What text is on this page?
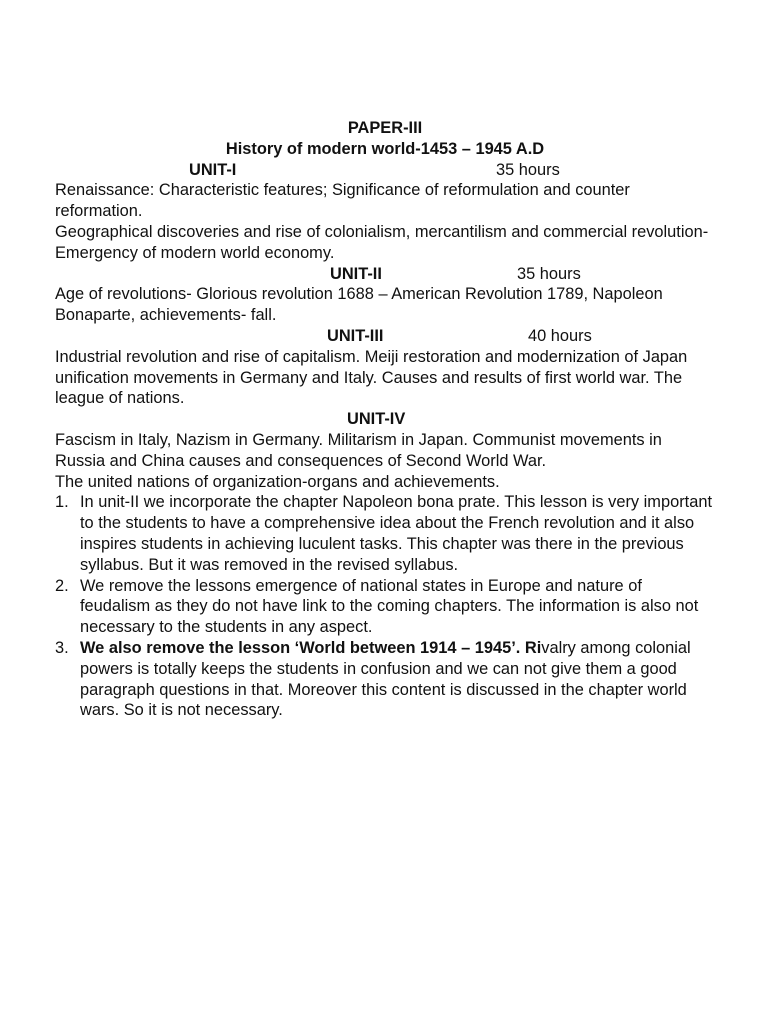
PAPER-III
History of modern world-1453 – 1945 A.D
UNIT-I	35 hours

Renaissance: Characteristic features; Significance of reformulation and counter reformation.

Geographical discoveries and rise of colonialism, mercantilism and commercial revolution- Emergency of modern world economy.

UNIT-II	35 hours

Age of revolutions- Glorious revolution 1688 – American Revolution 1789, Napoleon Bonaparte, achievements- fall.

UNIT-III	40 hours

Industrial revolution and rise of capitalism. Meiji restoration and modernization of Japan unification movements in Germany and Italy. Causes and results of first world war. The league of nations.

UNIT-IV

Fascism in Italy, Nazism in Germany. Militarism in Japan. Communist movements in Russia and China causes and consequences of Second World War.

The united nations of organization-organs and achievements.

1. In unit-II we incorporate the chapter Napoleon bona prate. This lesson is very important to the students to have a comprehensive idea about the French revolution and it also inspires students in achieving luculent tasks. This chapter was there in the previous syllabus. But it was removed in the revised syllabus.
2. We remove the lessons emergence of national states in Europe and nature of feudalism as they do not have link to the coming chapters. The information is also not necessary to the students in any aspect.
3. We also remove the lesson ‘World between 1914 – 1945’. Rivalry among colonial powers is totally keeps the students in confusion and we can not give them a good paragraph questions in that. Moreover this content is discussed in the chapter world wars. So it is not necessary.
